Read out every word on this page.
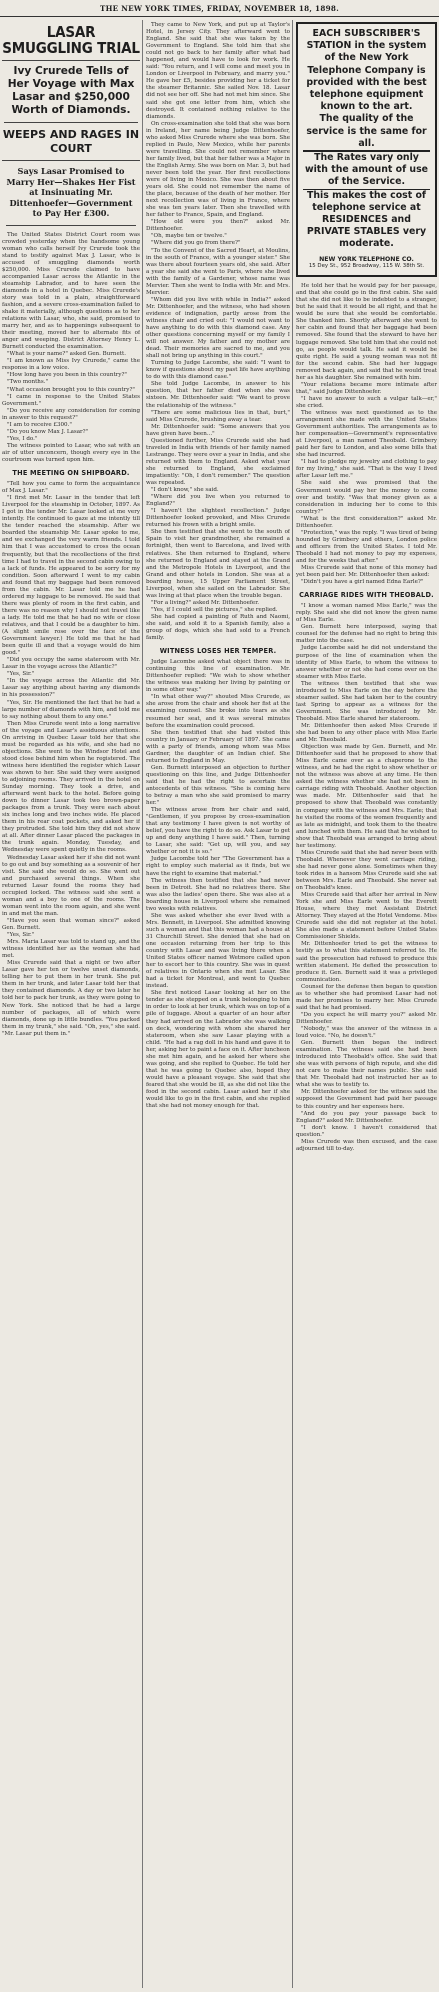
THE NEW YORK TIMES, FRIDAY, NOVEMBER 18, 1898.
LASAR SMUGGLING TRIAL
Ivy Crurede Tells of Her Voyage with Max Lasar and $250,000 Worth of Diamonds.
WEEPS AND RAGES IN COURT
Says Lasar Promised to Marry Her—Shakes Her Fist at Insinuating Mr. Dittenhoefer—Government to Pay Her £300.

The United States District Court room was crowded yesterday when the handsome young woman who calls herself Ivy Crurede took the stand to testify against Max J. Lasar, who is accused of smuggling diamonds worth $250,000. Miss Crurede claimed to have accompanied Lasar across the Atlantic in the steamship Labrador, and to have seen the diamonds in a hotel in Quebec. Miss Crurede's story was told in a plain, straightforward fashion, and a severe cross-examination failed to shake it materially, although questions as to her relations with Lasar, who, she said, promised to marry her, and as to happenings subsequent to their meeting, moved her to alternate fits of anger and weeping. District Attorney Henry L. Burnett conducted the examination.

"What is your name?" asked Gen. Burnett.

"I am known as Miss Ivy Crurede," came the response in a low voice.

"How long have you been in this country?"

"Two months."

"What occasion brought you to this country?"

"I came in response to the United States Government."

"Do you receive any consideration for coming in answer to this request?"

"I am to receive £300."

"Do you know Max J. Lasar?"

"Yes, I do."

The witness pointed to Lasar, who sat with an air of utter unconcern, though every eye in the courtroom was turned upon him.

THE MEETING ON SHIPBOARD.

"Tell how you came to form the acquaintance of Max J. Lasar."

"I first met Mr. Lasar in the tender that left Liverpool for the steamship in October, 1897. As I got in the tender Mr. Lasar looked at me very intently. He continued to gaze at me intently till the tender reached the steamship. After we boarded the steamship Mr. Lasar spoke to me, and we exchanged the very warm friends. I told him that I was accustomed to cross the ocean frequently, but that the recollections of the first time I had to travel in the second cabin owing to a lack of funds. He appeared to be sorry for my condition. Soon afterward I went to my cabin and found that my baggage had been removed from the cabin. Mr. Lasar told me he had ordered my luggage to be removed. He said that there was plenty of room in the first cabin, and there was no reason why I should not travel like a lady. He told me that he had no wife or close relatives, and that I could be a daughter to him. (A slight smile rose over the face of the Government lawyer.) He told me that he had been quite ill and that a voyage would do him good."

"Did you occupy the same stateroom with Mr. Lasar in the voyage across the Atlantic?"

"Yes, Sir."

"In the voyage across the Atlantic did Mr. Lasar say anything about having any diamonds in his possession?"

"Yes, Sir. He mentioned the fact that he had a large number of diamonds with him, and told me to say nothing about them to any one."

Then Miss Crurede went into a long narrative of the voyage and Lasar's assiduous attentions. On arriving in Quebec Lasar told her that she must be regarded as his wife, and she had no objections. She went to the Windsor Hotel and stood close behind him when he registered. The witness here identified the register which Lasar was shown to her. She said they were assigned to adjoining rooms. They arrived in the hotel on Sunday morning. They took a drive, and afterward went back to the hotel. Before going down to dinner Lasar took two brown-paper packages from a trunk. They were each about six inches long and two inches wide. He placed them in his rear coat pockets, and asked her if they protruded. She told him they did not show at all. After dinner Lasar placed the packages in the trunk again. Monday, Tuesday, and Wednesday were spent quietly in the rooms.

Wednesday Lasar asked her if she did not want to go out and buy something as a souvenir of her visit. She said she would do so. She went out and purchased several things. When she returned Lasar found the rooms they had occupied locked. The witness said she sent a woman and a boy to one of the rooms. The woman went into the room again, and she went in and met the man.

"Have you seen that woman since?" asked Gen. Burnett.

"Yes, Sir."

Mrs. Maria Lasar was told to stand up, and the witness identified her as the woman she had met.

Miss Crurede said that a night or two after Lasar gave her ten or twelve unset diamonds, telling her to put them in her trunk. She put them in her trunk, and later Lasar told her that they contained diamonds. A day or two later he told her to pack her trunk, as they were going to New York. She noticed that he had a large number of packages, all of which were diamonds, done up in little bundles. "You packed them in my trunk," she said. "Oh, yes," she said. "Mr. Lasar put them in."

They came to New York, and put up at Taylor's Hotel, in Jersey City. They afterward went to England. She said that she was taken by the Government to England. She told him that she could not go back to her family after what had happened, and would have to look for work. He said: "You return, and I will come and meet you in London or Liverpool in February, and marry you." He gave her £5, besides providing her a ticket for the steamer Britannic. She sailed Nov. 18. Lasar did not see her off. She had not met him since. She said she got one letter from him, which she destroyed. It contained nothing relative to the diamonds.

On cross-examination she told that she was born in Ireland, her name being Judge Dittenhoefer, who asked Miss Crurede where she was born. She replied in Paulo, New Mexico, while her parents were travelling. She could not remember where her family lived, but that her father was a Major in the English Army. She was born on Mar. 3, but had never been told the year. Her first recollections were of living in Mexico. She was then about five years old. She could not remember the name of the place, because of the death of her mother. Her next recollection was of living in France, where she was ten years later. Then she travelled with her father to France, Spain, and England.

"How old were you then?" asked Mr. Dittenhoefer.

"Oh, maybe ten or twelve."

"Where did you go from there?"

"To the Convent of the Sacred Heart, at Moulins, in the south of France, with a younger sister." She was there about fourteen years old, she said. After a year she said she went to Paris, where she lived with the family of a Gardener, whose name was Mervier. Then she went to India with Mr. and Mrs. Mervier.

"Whom did you live with while in India?" asked Mr. Dittenhoefer, and the witness, who had shown evidence of indignation, partly arose from the witness chair and cried out: "I would not want to have anything to do with this diamond case. Any other questions concerning myself or my family I will not answer. My father and my mother are dead. Their memories are sacred to me, and you shall not bring up anything in this court."

Turning to Judge Lacombe, she said: "I want to know if questions about my past life have anything to do with this diamond case."

She told Judge Lacombe, in answer to his question, that her father died when she was sixteen. Mr. Dittenhoefer said: "We want to prove the relationship of the witness."

"There are some malicious lies in that, burt," said Miss Crurede, brushing away a tear.

Mr. Dittenhoefer said: "Some answers that you have given have been..."

Questioned further, Miss Crurede said she had traveled in India with friends of her family named Lestrange. They were over a year in India, and she returned with them to England. Asked what year she returned to England, she exclaimed impatiently: "Oh, I don't remember." The question was repeated.

"I don't know," she said.

"Where did you live when you returned to England?"

"I haven't the slightest recollection." Judge Dittenhoefer looked provoked, and Miss Crurede returned his frown with a bright smile.

She then testified that she went to the south of Spain to visit her grandmother, she remained a fortnight, then went to Barcelona, and lived with relatives. She then returned to England, where she returned to England and stayed at the Grand and the Metropole Hotels in Liverpool, and the Grand and other hotels in London. She was at a boarding house, 15 Upper Parliament Street, Liverpool, when she sailed on the Labrador. She was living at that place when the trouble began.

"For a living?" asked Mr. Dittenhoefer.

"Yes, if I could sell the pictures," she replied.

She had copied a painting of Ruth and Naomi, she said, and sold it to a Spanish family, also a group of dogs, which she had sold to a French family.

WITNESS LOSES HER TEMPER.

Judge Lacombe asked what object there was in continuing this line of examination. Mr. Dittenhoefer replied: "We wish to show whether the witness was making her living by painting or in some other way."

"In what other way?" shouted Miss Crurede, as she arose from the chair and shook her fist at the examining counsel. She broke into tears as she resumed her seat, and it was several minutes before the examination could proceed.

She then testified that she had visited this country in January or February of 1897. She came with a party of friends, among whom was Miss Gardner, the daughter of an Indian chief. She returned to England in May.

Gen. Burnett interposed an objection to further questioning on this line, and Judge Dittenhoefer said that he had the right to ascertain the antecedents of this witness. "She is coming here to betray a man who she said promised to marry her."

The witness arose from her chair and said, "Gentlemen, if you propose by cross-examination that any testimony I have given is not worthy of belief, you have the right to do so. Ask Lasar to get up and deny anything I have said." Then, turning to Lasar, she said: "Get up, will you, and say whether or not it is so."

Judge Lacombe told her "The Government has a right to employ such material as it finds, but we have the right to examine that material."

The witness then testified that she had never been in Detroit. She had no relatives there. She was also the ladies' open there. She was also at a boarding house in Liverpool where she remained two weeks with relatives.

She was asked whether she ever lived with a Mrs. Bennett, in Liverpool. She admitted knowing such a woman and that this woman had a house at 31 Churchill Street. She denied that she had on one occasion returning from her trip to this country with Lasar and was living there when a United States officer named Wetmore called upon her to escort her to this country. She was in quest of relatives in Ontario when she met Lasar. She had a ticket for Montreal, and went to Quebec instead.

She first noticed Lasar looking at her on the tender as she stepped on a trunk belonging to him in order to look at her trunk, which was on top of a pile of luggage. About a quarter of an hour after they had arrived on the Labrador she was walking on deck, wondering with whom she shared her stateroom, when she saw Lasar playing with a child. "He had a rag doll in his hand and gave it to her, asking her to paint a face on it. After luncheon she met him again, and he asked her where she was going, and she replied to Quebec. He told her that he was going to Quebec also, hoped they would have a pleasant voyage. She said that she feared that she would be ill, as she did not like the food in the second cabin. Lasar asked her if she would like to go in the first cabin, and she replied that she had not money enough for that.

EACH SUBSCRIBER'S STATION in the system of the New York Telephone Company is provided with the best telephone equipment known to the art.
The quality of the service is the same for all.
The Rates vary only with the amount of use of the Service.
This makes the cost of telephone service at RESIDENCES and PRIVATE STABLES very moderate.
NEW YORK TELEPHONE CO.
15 Dey St., 952 Broadway, 115 W. 38th St.

He told her that he would pay for her passage, and that she could go in the first cabin. She said that she did not like to be indebted to a stranger, but he said that it would be all right, and that he would be sure that she would be comfortable. She thanked him. Shortly afterward she went to her cabin and found that her baggage had been removed. She found that the steward to have her luggage removed. She told him that she could not go, as people would talk. He said it would be quite right. He said a young woman was not fit for the second cabin. She had her luggage removed back again, and said that he would treat her as his daughter. She remained with him.

"Your relations became more intimate after that," said Judge Dittenhoefer.

"I have no answer to such a vulgar talk—er," she cried.

The witness was next questioned as to the arrangement she made with the United States Government authorities. The arrangements as to her compensation—Government's representative at Liverpool, a man named Theobald. Grimbery paid her fare to London, and also some bills that she had incurred.

"I had to pledge my jewelry and clothing to pay for my living," she said. "That is the way I lived after Lasar left me."

She said she was promised that the Government would pay her the money to come over and testify. "Was that money given as a consideration in inducing her to come to this country?"

"What is the first consideration?" asked Mr. Dittenhoefer.

"Protection," was the reply. "I was tired of being hounded by Grimbery and others, London police and officers from the United States. I told Mr. Theobald I had not money to pay my expenses, and for the weeks that after."

Miss Crurede said that none of this money had yet been paid her. Mr. Dittenhoefer then asked:

"Didn't you have a girl named Edna Earle?"

CARRIAGE RIDES WITH THEOBALD.

"I know a woman named Miss Earle," was the reply. She said she did not know the given name of Miss Earle.

Gen. Burnett here interposed, saying that counsel for the defense had no right to bring this matter into the case.

Judge Lacombe said he did not understand the purpose of the line of examination when the identity of Miss Earle, to whom the witness to answer whether or not she had come over on the steamer with Miss Earle.

The witness then testified that she was introduced to Miss Earle on the day before the steamer sailed. She had taken her to the country last Spring to appear as a witness for the Government. She was introduced by Mr. Theobald. Miss Earle shared her stateroom.

Mr. Dittenhoefer then asked Miss Crurede if she had been to any other place with Miss Earle and Mr. Theobald.

Objection was made by Gen. Burnett, and Mr. Dittenhoefer said that he proposed to show that Miss Earle came over as a chaperone to the witness, and he had the right to show whether or not the witness was above at any time. He then asked the witness whether she had not been in carriage riding with Theobald. Another objection was made. Mr. Dittenhoefer said that he proposed to show that Theobald was constantly in company with the witness and Mrs. Earle; that he visited the rooms of the women frequently and as late as midnight, and took them to the theatre and lunched with them. He said that he wished to show that Theobald was arranged to bring about her testimony.

Miss Crurede said that she had never been with Theobald. Whenever they went carriage riding, she had never gone alone. Sometimes when they took rides in a hansom Miss Crurede said she sat between Mrs. Earle and Theobald. She never sat on Theobald's knee.

Miss Crurede said that after her arrival in New York she and Miss Earle went to the Everett House, where they met Assistant District Attorney. They stayed at the Hotel Vendome. Miss Crurede said she did not register at the hotel. She also made a statement before United States Commissioner Shields.

Mr. Dittenhoefer tried to get the witness to testify as to what this statement referred to. He said the prosecution had refused to produce this written statement. He defied the prosecution to produce it. Gen. Burnett said it was a privileged communication.

Counsel for the defense then began to question as to whether she had promised Lasar had not made her promises to marry her. Miss Crurede said that he had promised.

"Do you expect he will marry you?" asked Mr. Dittenhoefer.

"Nobody," was the answer of the witness in a loud voice. "No, he doesn't."

Gen. Burnett then began the indirect examination. The witness said she had been introduced into Theobald's office. She said that she was with persons of high repute, and she did not care to make their names public. She said that Mr. Theobald had not instructed her as to what she was to testify to.

Mr. Dittenhoefer asked for the witness said the supposed the Government had paid her passage to this country and her expenses here.

"And do you pay your passage back to England?" asked Mr. Dittenhoefer.

"I don't know. I haven't considered that question."

Miss Crurede was then excused, and the case adjourned till to-day.
